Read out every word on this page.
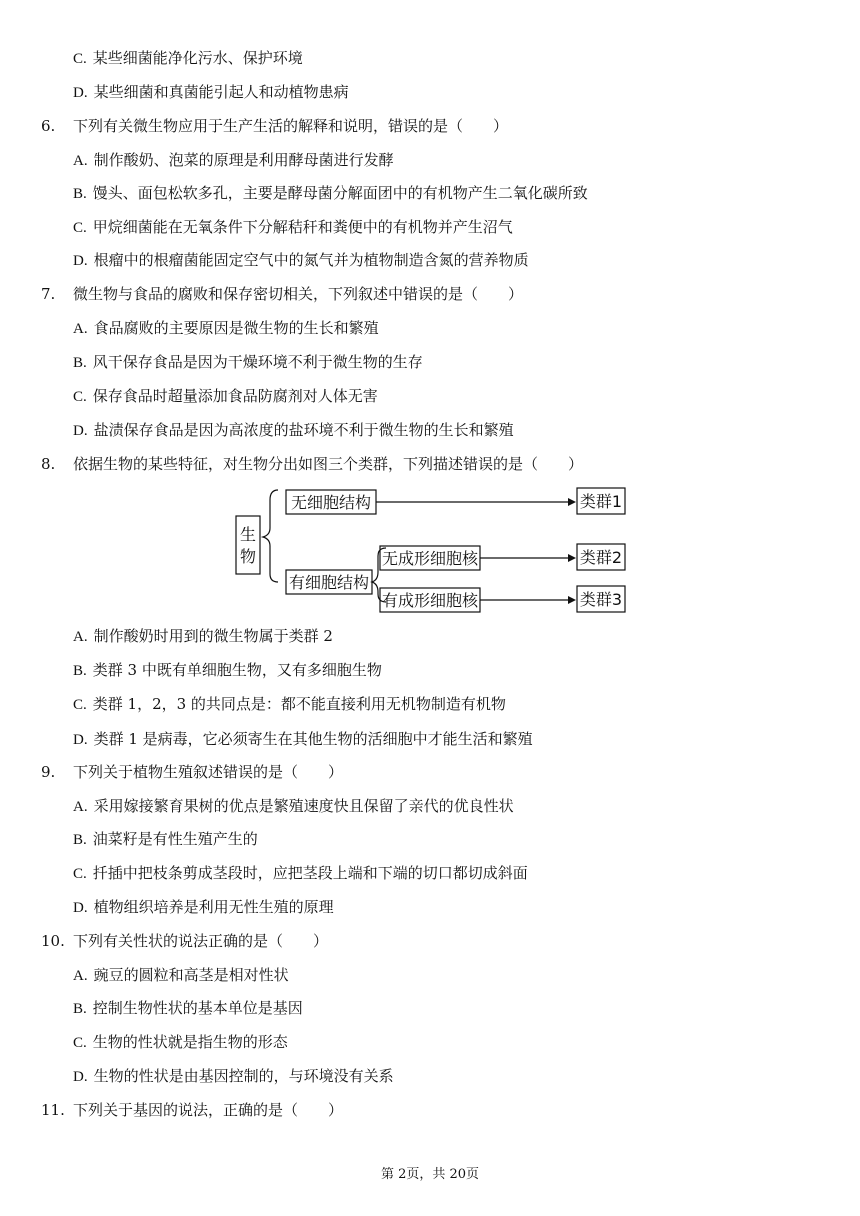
C. 某些细菌能净化污水、保护环境
D. 某些细菌和真菌能引起人和动植物患病
6. 下列有关微生物应用于生产生活的解释和说明，错误的是（　　）
A. 制作酸奶、泡菜的原理是利用酵母菌进行发酵
B. 馒头、面包松软多孔，主要是酵母菌分解面团中的有机物产生二氧化碳所致
C. 甲烷细菌能在无氧条件下分解秸秆和粪便中的有机物并产生沼气
D. 根瘤中的根瘤菌能固定空气中的氮气并为植物制造含氮的营养物质
7. 微生物与食品的腐败和保存密切相关，下列叙述中错误的是（　　）
A. 食品腐败的主要原因是微生物的生长和繁殖
B. 风干保存食品是因为干燥环境不利于微生物的生存
C. 保存食品时超量添加食品防腐剂对人体无害
D. 盐渍保存食品是因为高浓度的盐环境不利于微生物的生长和繁殖
8. 依据生物的某些特征，对生物分出如图三个类群，下列描述错误的是（　　）
A. 制作酸奶时用到的微生物属于类群 2
B. 类群 3 中既有单细胞生物，又有多细胞生物
C. 类群 1，2，3 的共同点是：都不能直接利用无机物制造有机物
D. 类群 1 是病毒，它必须寄生在其他生物的活细胞中才能生活和繁殖
9. 下列关于植物生殖叙述错误的是（　　）
A. 采用嫁接繁育果树的优点是繁殖速度快且保留了亲代的优良性状
B. 油菜籽是有性生殖产生的
C. 扦插中把枝条剪成茎段时，应把茎段上端和下端的切口都切成斜面
D. 植物组织培养是利用无性生殖的原理
10. 下列有关性状的说法正确的是（　　）
A. 豌豆的圆粒和高茎是相对性状
B. 控制生物性状的基本单位是基因
C. 生物的性状就是指生物的形态
D. 生物的性状是由基因控制的，与环境没有关系
11. 下列关于基因的说法，正确的是（　　）
生
物
无细胞结构
有细胞结构
无成形细胞核
有成形细胞核
类群1
类群2
类群3
第 2页，共 20页
